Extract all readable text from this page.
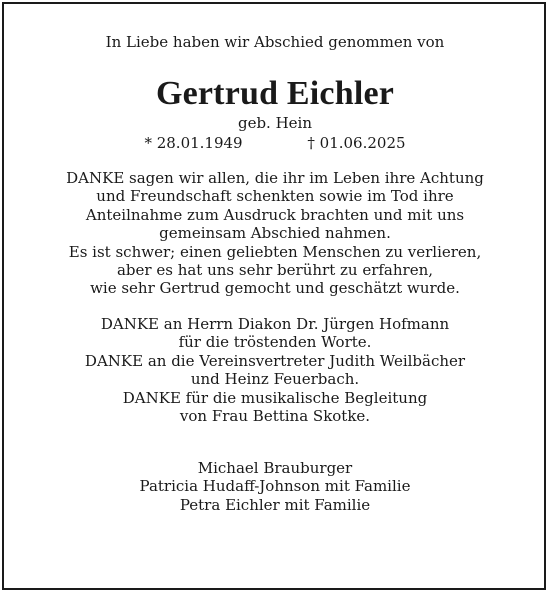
In Liebe haben wir Abschied genommen von
Gertrud Eichler
geb. Hein
* 28.01.1949	† 01.06.2025
DANKE sagen wir allen, die ihr im Leben ihre Achtung
und Freundschaft schenkten sowie im Tod ihre
Anteilnahme zum Ausdruck brachten und mit uns
gemeinsam Abschied nahmen.
Es ist schwer; einen geliebten Menschen zu verlieren,
aber es hat uns sehr berührt zu erfahren,
wie sehr Gertrud gemocht und geschätzt wurde.
DANKE an Herrn Diakon Dr. Jürgen Hofmann
für die tröstenden Worte.
DANKE an die Vereinsvertreter Judith Weilbächer
und Heinz Feuerbach.
DANKE für die musikalische Begleitung
von Frau Bettina Skotke.
Michael Brauburger
Patricia Hudaff-Johnson mit Familie
Petra Eichler mit Familie
